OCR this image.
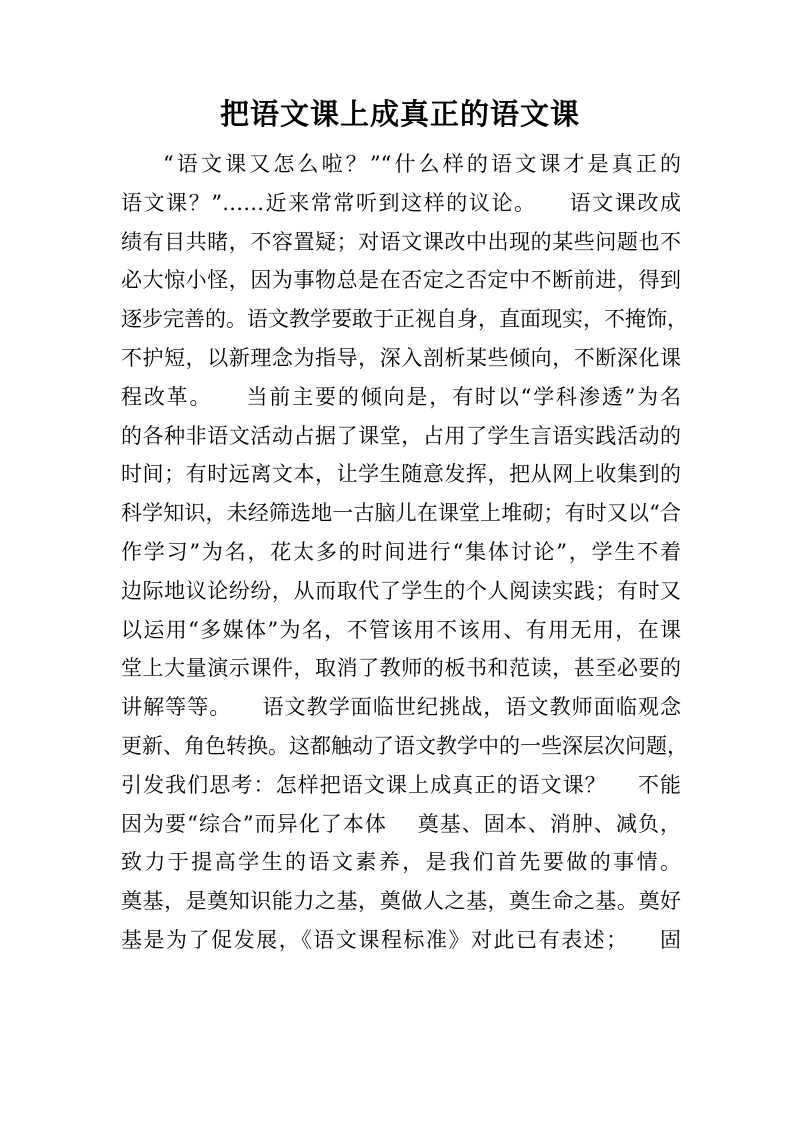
把语文课上成真正的语文课
“语文课又怎么啦？”“什么样的语文课才是真正的
语文课？”……近来常常听到这样的议论。    语文课改成
绩有目共睹，不容置疑；对语文课改中出现的某些问题也不
必大惊小怪，因为事物总是在否定之否定中不断前进，得到
逐步完善的。语文教学要敢于正视自身，直面现实，不掩饰，
不护短，以新理念为指导，深入剖析某些倾向，不断深化课
程改革。    当前主要的倾向是，有时以“学科渗透”为名
的各种非语文活动占据了课堂，占用了学生言语实践活动的
时间；有时远离文本，让学生随意发挥，把从网上收集到的
科学知识，未经筛选地一古脑儿在课堂上堆砌；有时又以“合
作学习”为名，花太多的时间进行“集体讨论”，学生不着
边际地议论纷纷，从而取代了学生的个人阅读实践；有时又
以运用“多媒体”为名，不管该用不该用、有用无用，在课
堂上大量演示课件，取消了教师的板书和范读，甚至必要的
讲解等等。    语文教学面临世纪挑战，语文教师面临观念
更新、角色转换。这都触动了语文教学中的一些深层次问题，
引发我们思考：怎样把语文课上成真正的语文课？    不能
因为要“综合”而异化了本体    奠基、固本、消肿、减负，
致力于提高学生的语文素养，是我们首先要做的事情。
奠基，是奠知识能力之基，奠做人之基，奠生命之基。奠好
基是为了促发展，《语文课程标准》对此已有表述；    固
